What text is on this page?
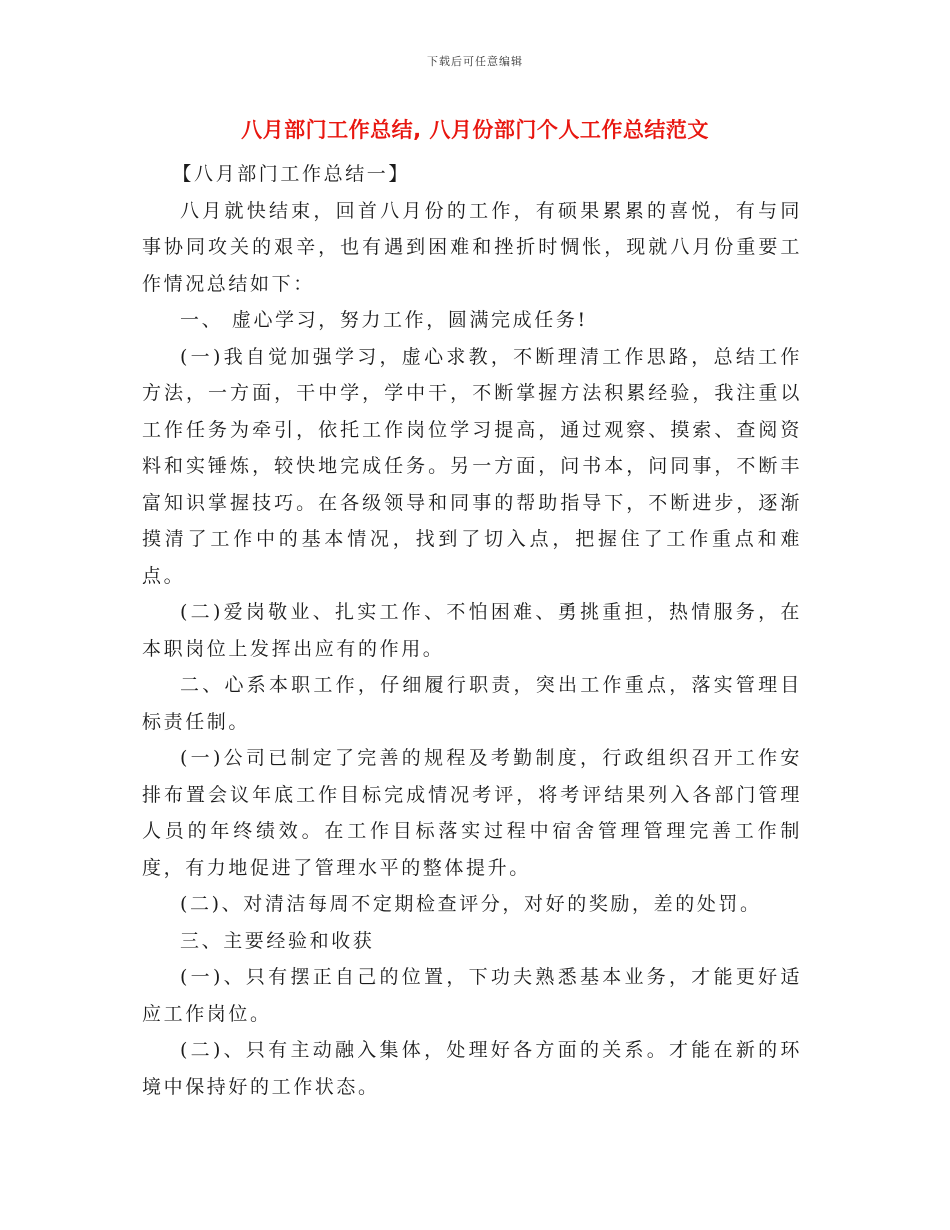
下载后可任意编辑
八月部门工作总结, 八月份部门个人工作总结范文

【八月部门工作总结一】

八月就快结束，回首八月份的工作，有硕果累累的喜悦，有与同事协同攻关的艰辛，也有遇到困难和挫折时惆怅，现就八月份重要工作情况总结如下：

一、 虚心学习，努力工作，圆满完成任务!

(一)我自觉加强学习，虚心求教，不断理清工作思路，总结工作方法，一方面，干中学，学中干，不断掌握方法积累经验，我注重以工作任务为牵引，依托工作岗位学习提高，通过观察、摸索、查阅资料和实锤炼，较快地完成任务。另一方面，问书本，问同事，不断丰富知识掌握技巧。在各级领导和同事的帮助指导下，不断进步，逐渐摸清了工作中的基本情况，找到了切入点，把握住了工作重点和难点。

(二)爱岗敬业、扎实工作、不怕困难、勇挑重担，热情服务，在本职岗位上发挥出应有的作用。

二、心系本职工作，仔细履行职责，突出工作重点，落实管理目标责任制。

(一)公司已制定了完善的规程及考勤制度，行政组织召开工作安排布置会议年底工作目标完成情况考评，将考评结果列入各部门管理人员的年终绩效。在工作目标落实过程中宿舍管理管理完善工作制度，有力地促进了管理水平的整体提升。

(二)、对清洁每周不定期检查评分，对好的奖励，差的处罚。

三、主要经验和收获

(一)、只有摆正自己的位置，下功夫熟悉基本业务，才能更好适应工作岗位。

(二)、只有主动融入集体，处理好各方面的关系。才能在新的环境中保持好的工作状态。
